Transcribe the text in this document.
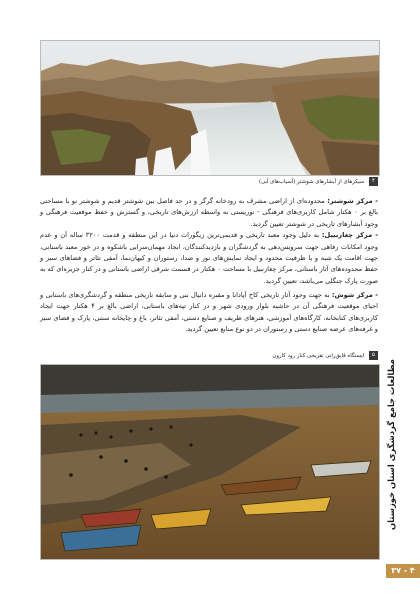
۴ سیکرهای از آبشارهای شوشتر (آسیاب‌های آبی)

- مرکز شوشتر: محدوده‌ای از اراضی مشرف به رودخانه گرگر و در حد فاصل بین شوشتر قدیم و شوشتر نو با مساحتی بالغ بر ۰ هکتار شامل کاربری‌های فرهنگی - توریستی به واسطه ارزش‌های تاریخی، و گسترش و حفظ موقعیت فرهنگی و وجود آبشارهای تاریخی در شوشتر تعیین گردید.

- مرکز چغازنبیل: به دلیل وجود معبد تاریخی و قدیمی‌ترین زیگورات دنیا در این منطقه و قدمت ۳۲۰۰ ساله آن و عدم وجود امکانات رفاهی جهت سرویس‌دهی به گردشگران و بازدیدکنندگان، ایجاد مهمان‌سرایی باشکوه و در خور معبد باستانی، جهت اقامت یک شبه و یا ظرفیت محدود و ایجاد نمایش‌های نور و صدا، رستوران و کیهان‌نما، آمفی تئاتر و فضاهای سبز و حفظ محدوده‌های آثار باستانی، مرکز چغازنبیل با مساحت ۰ هکتار در قسمت شرقی اراضی باستانی و در کنار جزیره‌ای که به صورت پارک جنگلی می‌باشد، تعیین گردید.

- مرکز شوش: به جهت وجود آثار تاریخی کاخ آپادانا و مقبره دانیال نبی و سابقه تاریخی منطقه و گردشگری‌های باستانی و احیای موقعیت فرهنگی آن در حاشیه بلوار ورودی شهر و در کنار تپه‌های باستانی، اراضی بالغ بر ۴ هکتار جهت ایجاد کاربری‌های کتابخانه، کارگاه‌های آموزشی، هنرهای ظریف و صنایع دستی، آمفی تئاتر، باغ و چایخانه سنتی، پارک و فضای سبز و غرفه‌های عرضه صنایع دستی و رستوران در دو نوع منابع تعیین گردید.

۵ ایستگاه قایق‌رانی تفریحی کنار رود کارون
مطالعات جامع گردشگری استان خوزستان
۳۷ - ۴
